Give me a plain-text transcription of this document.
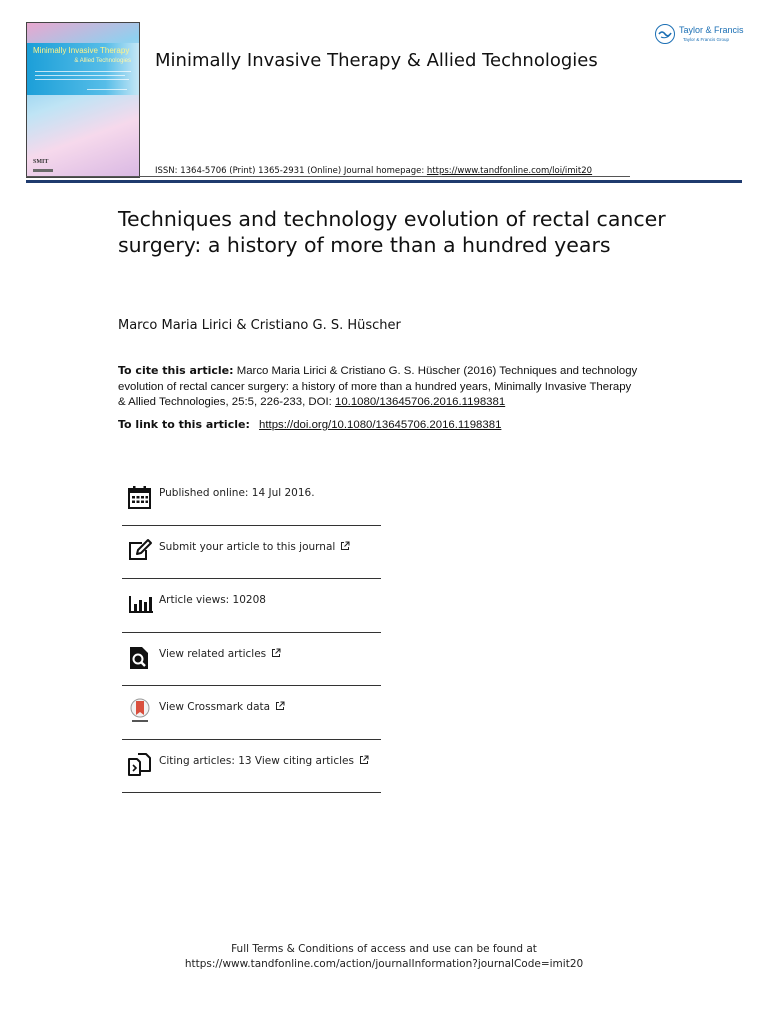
Minimally Invasive Therapy
& Allied Technologies
SMIT
Minimally Invasive Therapy & Allied Technologies
Taylor & Francis
Taylor & Francis Group
ISSN: 1364-5706 (Print) 1365-2931 (Online) Journal homepage: https://www.tandfonline.com/loi/imit20
Techniques and technology evolution of rectal cancer surgery: a history of more than a hundred years
Marco Maria Lirici & Cristiano G. S. Hüscher
To cite this article: Marco Maria Lirici & Cristiano G. S. Hüscher (2016) Techniques and technology evolution of rectal cancer surgery: a history of more than a hundred years, Minimally Invasive Therapy & Allied Technologies, 25:5, 226-233, DOI: 10.1080/13645706.2016.1198381
To link to this article: https://doi.org/10.1080/13645706.2016.1198381
Published online: 14 Jul 2016.
Submit your article to this journal
Article views: 10208
View related articles
View Crossmark data
Citing articles: 13 View citing articles
Full Terms & Conditions of access and use can be found at
https://www.tandfonline.com/action/journalInformation?journalCode=imit20
